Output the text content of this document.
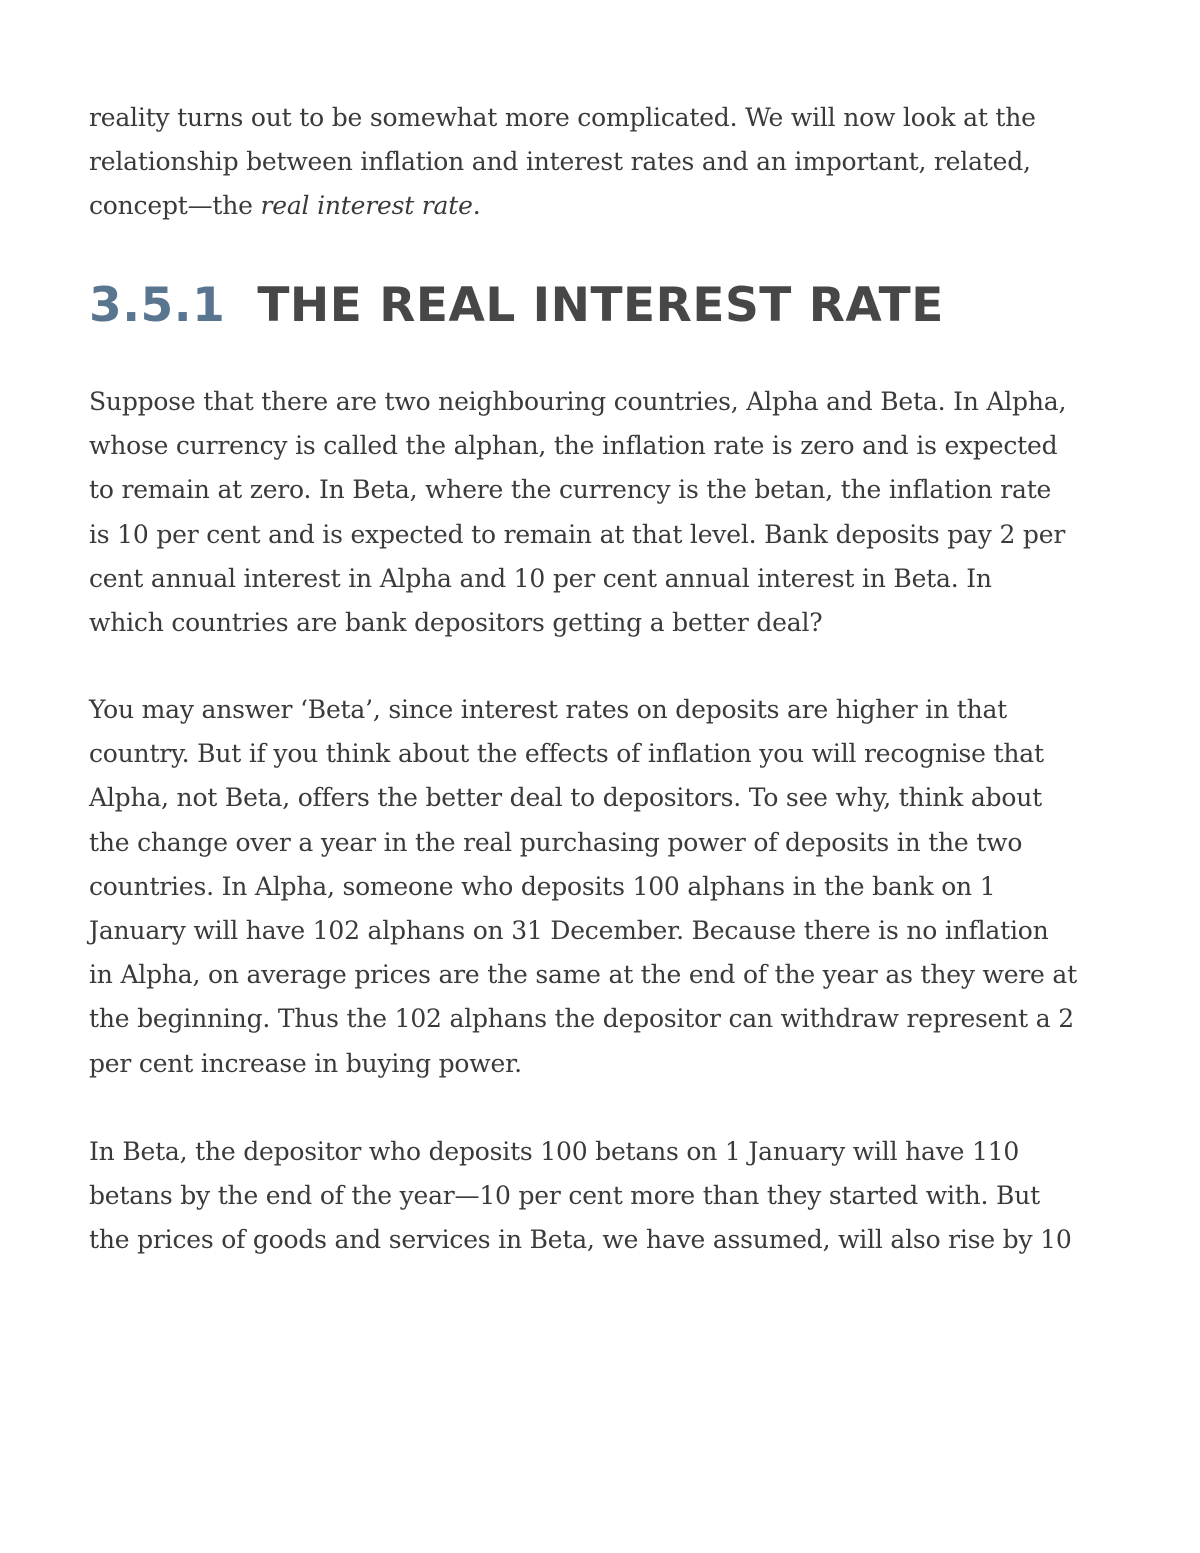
reality turns out to be somewhat more complicated. We will now look at the
relationship between inflation and interest rates and an important, related,
concept—the real interest rate.
3.5.1 THE REAL INTEREST RATE
Suppose that there are two neighbouring countries, Alpha and Beta. In Alpha,
whose currency is called the alphan, the inflation rate is zero and is expected
to remain at zero. In Beta, where the currency is the betan, the inflation rate
is 10 per cent and is expected to remain at that level. Bank deposits pay 2 per
cent annual interest in Alpha and 10 per cent annual interest in Beta. In
which countries are bank depositors getting a better deal?
You may answer ‘Beta’, since interest rates on deposits are higher in that
country. But if you think about the effects of inflation you will recognise that
Alpha, not Beta, offers the better deal to depositors. To see why, think about
the change over a year in the real purchasing power of deposits in the two
countries. In Alpha, someone who deposits 100 alphans in the bank on 1
January will have 102 alphans on 31 December. Because there is no inflation
in Alpha, on average prices are the same at the end of the year as they were at
the beginning. Thus the 102 alphans the depositor can withdraw represent a 2
per cent increase in buying power.
In Beta, the depositor who deposits 100 betans on 1 January will have 110
betans by the end of the year—10 per cent more than they started with. But
the prices of goods and services in Beta, we have assumed, will also rise by 10
